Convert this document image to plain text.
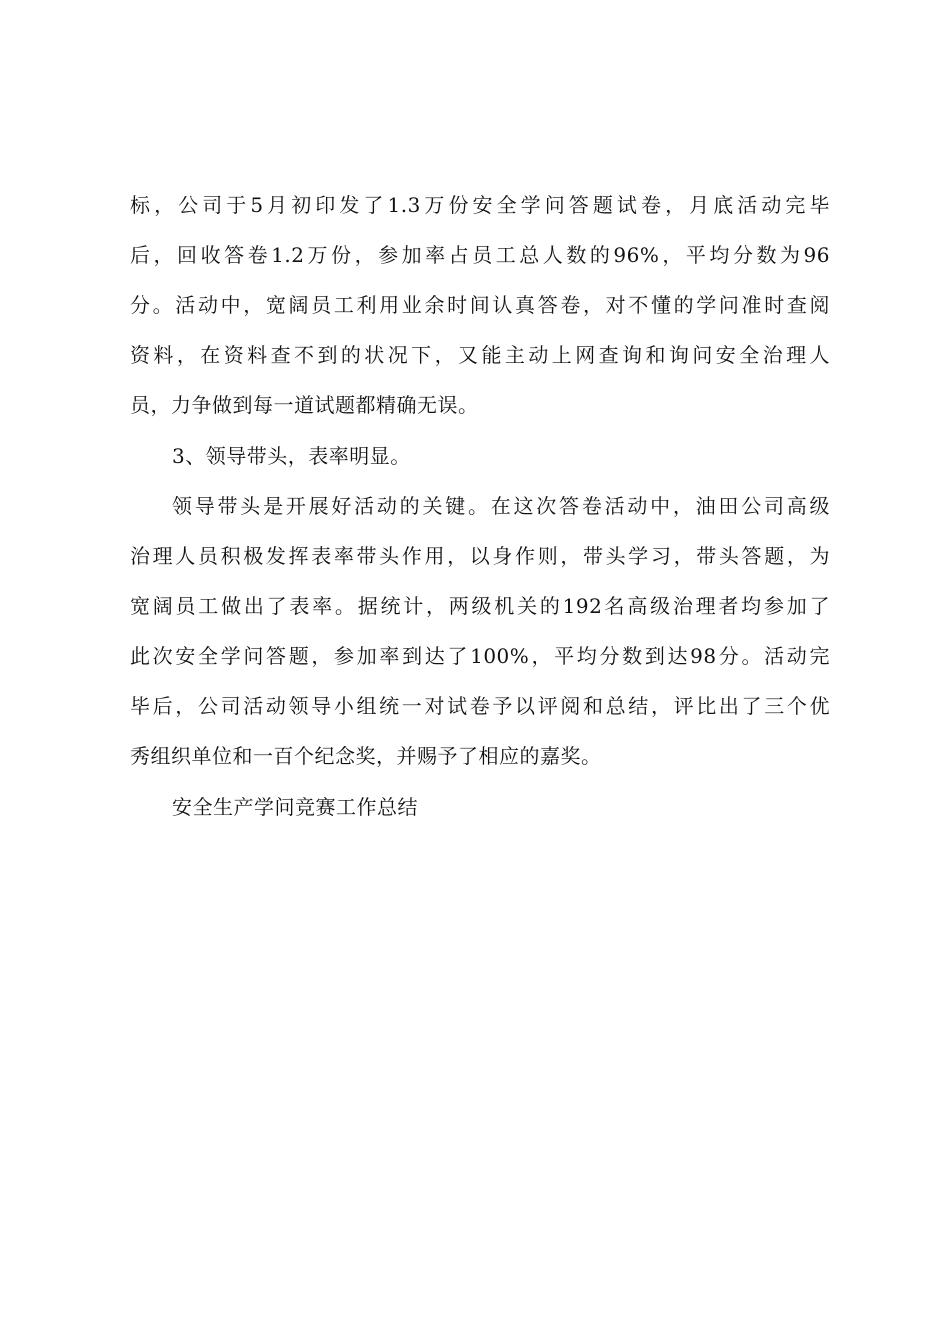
标，公司于5月初印发了1.3万份安全学问答题试卷，月底活动完毕
后，回收答卷1.2万份，参加率占员工总人数的96%，平均分数为96
分。活动中，宽阔员工利用业余时间认真答卷，对不懂的学问准时查阅
资料，在资料查不到的状况下，又能主动上网查询和询问安全治理人
员，力争做到每一道试题都精确无误。
3、领导带头，表率明显。
领导带头是开展好活动的关键。在这次答卷活动中，油田公司高级
治理人员积极发挥表率带头作用，以身作则，带头学习，带头答题，为
宽阔员工做出了表率。据统计，两级机关的192名高级治理者均参加了
此次安全学问答题，参加率到达了100%，平均分数到达98分。活动完
毕后，公司活动领导小组统一对试卷予以评阅和总结，评比出了三个优
秀组织单位和一百个纪念奖，并赐予了相应的嘉奖。
安全生产学问竞赛工作总结
